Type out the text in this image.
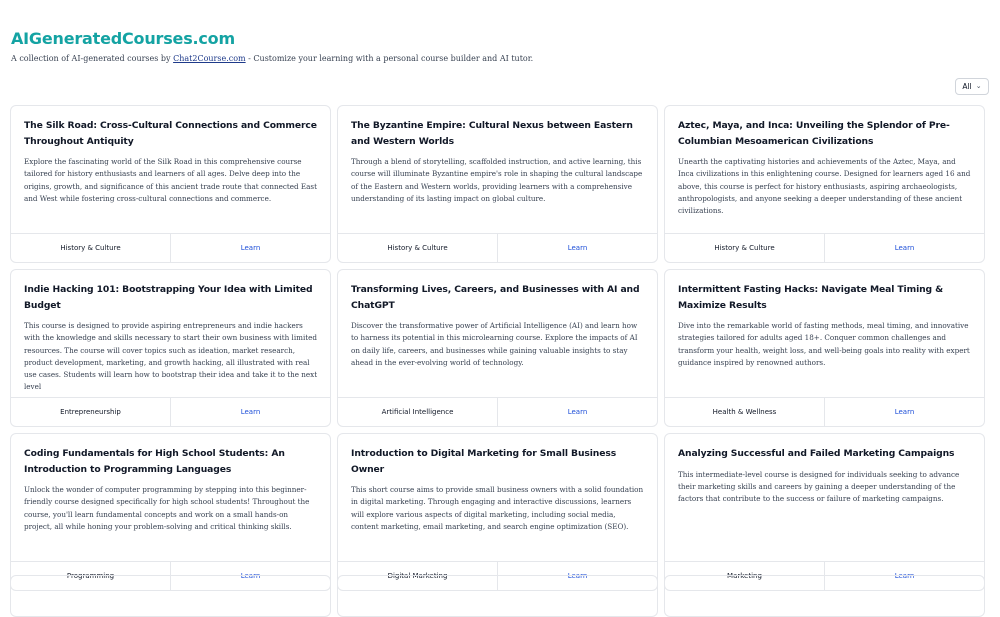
AIGeneratedCourses.com
A collection of AI-generated courses by Chat2Course.com - Customize your learning with a personal course builder and AI tutor.
All ⌄
The Silk Road: Cross-Cultural Connections and Commerce Throughout Antiquity

Explore the fascinating world of the Silk Road in this comprehensive course tailored for history enthusiasts and learners of all ages. Delve deep into the origins, growth, and significance of this ancient trade route that connected East and West while fostering cross-cultural connections and commerce.

History & Culture	Learn
The Byzantine Empire: Cultural Nexus between Eastern and Western Worlds

Through a blend of storytelling, scaffolded instruction, and active learning, this course will illuminate Byzantine empire's role in shaping the cultural landscape of the Eastern and Western worlds, providing learners with a comprehensive understanding of its lasting impact on global culture.

History & Culture	Learn
Aztec, Maya, and Inca: Unveiling the Splendor of Pre-Columbian Mesoamerican Civilizations

Unearth the captivating histories and achievements of the Aztec, Maya, and Inca civilizations in this enlightening course. Designed for learners aged 16 and above, this course is perfect for history enthusiasts, aspiring archaeologists, anthropologists, and anyone seeking a deeper understanding of these ancient civilizations.

History & Culture	Learn
Indie Hacking 101: Bootstrapping Your Idea with Limited Budget

This course is designed to provide aspiring entrepreneurs and indie hackers with the knowledge and skills necessary to start their own business with limited resources. The course will cover topics such as ideation, market research, product development, marketing, and growth hacking, all illustrated with real use cases. Students will learn how to bootstrap their idea and take it to the next level

Entrepreneurship	Learn
Transforming Lives, Careers, and Businesses with AI and ChatGPT

Discover the transformative power of Artificial Intelligence (AI) and learn how to harness its potential in this microlearning course. Explore the impacts of AI on daily life, careers, and businesses while gaining valuable insights to stay ahead in the ever-evolving world of technology.

Artificial Intelligence	Learn
Intermittent Fasting Hacks: Navigate Meal Timing & Maximize Results

Dive into the remarkable world of fasting methods, meal timing, and innovative strategies tailored for adults aged 18+. Conquer common challenges and transform your health, weight loss, and well-being goals into reality with expert guidance inspired by renowned authors.

Health & Wellness	Learn
Coding Fundamentals for High School Students: An Introduction to Programming Languages

Unlock the wonder of computer programming by stepping into this beginner-friendly course designed specifically for high school students! Throughout the course, you'll learn fundamental concepts and work on a small hands-on project, all while honing your problem-solving and critical thinking skills.

Programming	Learn
Introduction to Digital Marketing for Small Business Owner

This short course aims to provide small business owners with a solid foundation in digital marketing. Through engaging and interactive discussions, learners will explore various aspects of digital marketing, including social media, content marketing, email marketing, and search engine optimization (SEO).

Digital Marketing	Learn
Analyzing Successful and Failed Marketing Campaigns

This intermediate-level course is designed for individuals seeking to advance their marketing skills and careers by gaining a deeper understanding of the factors that contribute to the success or failure of marketing campaigns.

Marketing	Learn
